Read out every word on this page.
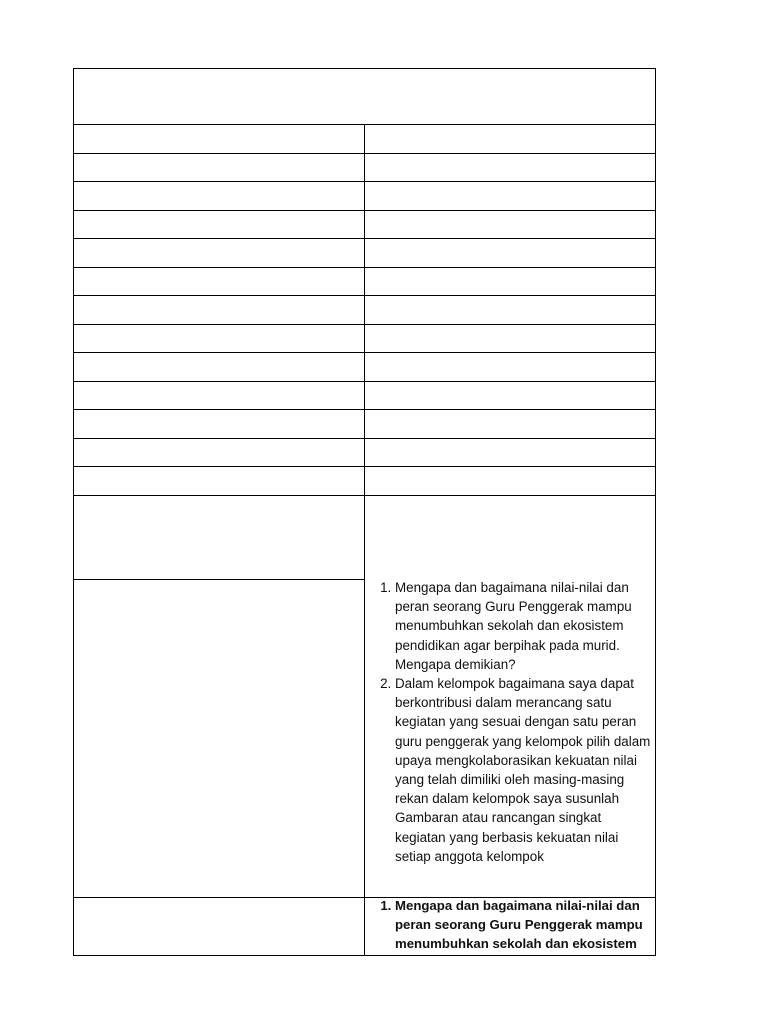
1. Mengapa dan bagaimana nilai-nilai dan peran seorang Guru Penggerak mampu menumbuhkan sekolah dan ekosistem pendidikan agar berpihak pada murid. Mengapa demikian?
2. Dalam kelompok bagaimana saya dapat berkontribusi dalam merancang satu kegiatan yang sesuai dengan satu peran guru penggerak yang kelompok pilih dalam upaya mengkolaborasikan kekuatan nilai yang telah dimiliki oleh masing-masing rekan dalam kelompok saya susunlah Gambaran atau rancangan singkat kegiatan yang berbasis kekuatan nilai setiap anggota kelompok
1. Mengapa dan bagaimana nilai-nilai dan peran seorang Guru Penggerak mampu menumbuhkan sekolah dan ekosistem
